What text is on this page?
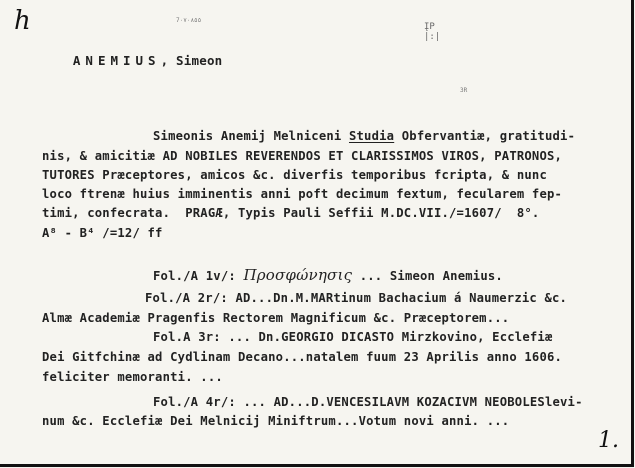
h	7٠٧٠٨٥٥
ĮΡ
|:|
3R

ANEMIUS, Simeon

Simeonis Anemij Melniceni Studia Obfervantiæ, gratitudi-
nis, & amicitiæ AD NOBILES REVERENDOS ET CLARISSIMOS VIROS, PATRONOS,
TUTORES Præceptores, amicos &c. diverfis temporibus fcripta, & nunc
loco ftrenæ huius imminentis anni poft decimum fextum, fecularem fep-
timi, confecrata.  PRAGÆ, Typis Pauli Seffii M.DC.VII./=1607/  8°.
A⁸ - B⁴ /=12/ ff
Fol./A 1v/: Προσφώνησις ... Simeon Anemius.
Fol./A 2r/: AD...Dn.M.MARtinum Bachacium á Naumerzic &c.
Almæ Academiæ Pragenfis Rectorem Magnificum &c. Præceptorem...
Fol.A 3r: ... Dn.GEORGIO DICASTO Mirzkovino, Ecclefiæ
Dei Gitfchinæ ad Cydlinam Decano...natalem fuum 23 Aprilis anno 1606.
feliciter memoranti. ...
Fol./A 4r/: ... AD...D.VENCESILAVM KOZACIVM NEOBOLESlevi-
num &c. Ecclefiæ Dei Melnicij Miniftrum...Votum novi anni. ...
1.
